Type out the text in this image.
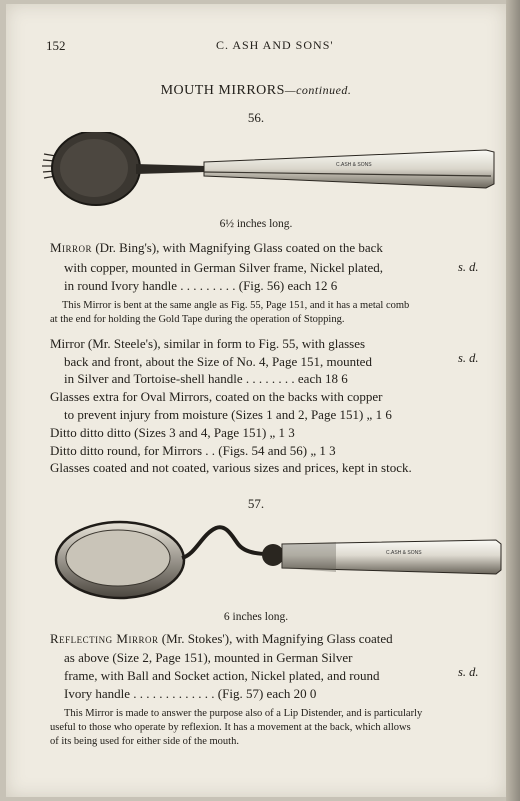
152	C. ASH AND SONS'
MOUTH MIRRORS—continued.
56.
C.ASH & SONS
6½ inches long.
Mirror (Dr. Bing's), with Magnifying Glass coated on the back
with copper, mounted in German Silver frame, Nickel plated,	s. d.
in round Ivory handle . . . . . . . . . (Fig. 56) each 12 6
This Mirror is bent at the same angle as Fig. 55, Page 151, and it has a metal comb
at the end for holding the Gold Tape during the operation of Stopping.
Mirror (Mr. Steele's), similar in form to Fig. 55, with glasses
back and front, about the Size of No. 4, Page 151, mounted	s. d.
in Silver and Tortoise-shell handle . . . . . . . . each 18 6
Glasses extra for Oval Mirrors, coated on the backs with copper
to prevent injury from moisture (Sizes 1 and 2, Page 151) „ 1 6
Ditto ditto ditto (Sizes 3 and 4, Page 151) „ 1 3
Ditto ditto round, for Mirrors . . (Figs. 54 and 56) „ 1 3
Glasses coated and not coated, various sizes and prices, kept in stock.
57.
C.ASH & SONS
6 inches long.
Reflecting Mirror (Mr. Stokes'), with Magnifying Glass coated
as above (Size 2, Page 151), mounted in German Silver
frame, with Ball and Socket action, Nickel plated, and round	s. d.
Ivory handle . . . . . . . . . . . . . (Fig. 57) each 20 0
This Mirror is made to answer the purpose also of a Lip Distender, and is particularly
useful to those who operate by reflexion. It has a movement at the back, which allows
of its being used for either side of the mouth.
